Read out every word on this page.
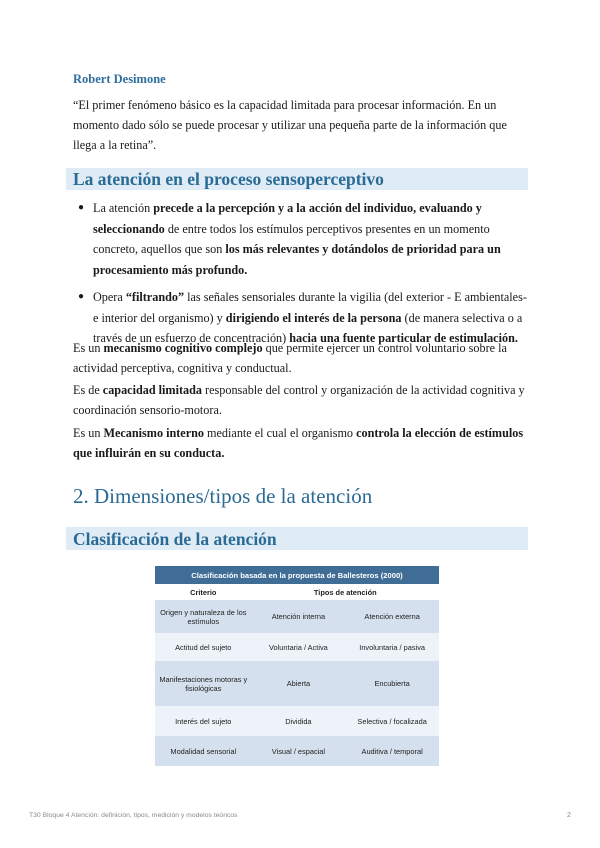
Robert Desimone
“El primer fenómeno básico es la capacidad limitada para procesar información. En un momento dado sólo se puede procesar y utilizar una pequeña parte de la información que llega a la retina”.
La atención en el proceso sensoperceptivo
● La atención precede a la percepción y a la acción del individuo, evaluando y seleccionando de entre todos los estímulos perceptivos presentes en un momento concreto, aquellos que son los más relevantes y dotándolos de prioridad para un procesamiento más profundo.
● Opera “filtrando” las señales sensoriales durante la vigilia (del exterior - E ambientales- e interior del organismo) y dirigiendo el interés de la persona (de manera selectiva o a través de un esfuerzo de concentración) hacia una fuente particular de estimulación.
Es un mecanismo cognitivo complejo que permite ejercer un control voluntario sobre la actividad perceptiva, cognitiva y conductual.
Es de capacidad limitada responsable del control y organización de la actividad cognitiva y coordinación sensorio-motora.
Es un Mecanismo interno mediante el cual el organismo controla la elección de estímulos que influirán en su conducta.
2. Dimensiones/tipos de la atención
Clasificación de la atención
Clasificación basada en la propuesta de Ballesteros (2000)		
Criterio	Tipos de atención	
Origen y naturaleza de los estímulos	Atención interna	Atención externa
Actitud del sujeto	Voluntaria / Activa	Involuntaria / pasiva
Manifestaciones motoras y fisiológicas	Abierta	Encubierta
Interés del sujeto	Dividida	Selectiva / focalizada
Modalidad sensorial	Visual / espacial	Auditiva / temporal
T30 Bloque 4 Atención: definición, tipos, medición y modelos teóricos	2
